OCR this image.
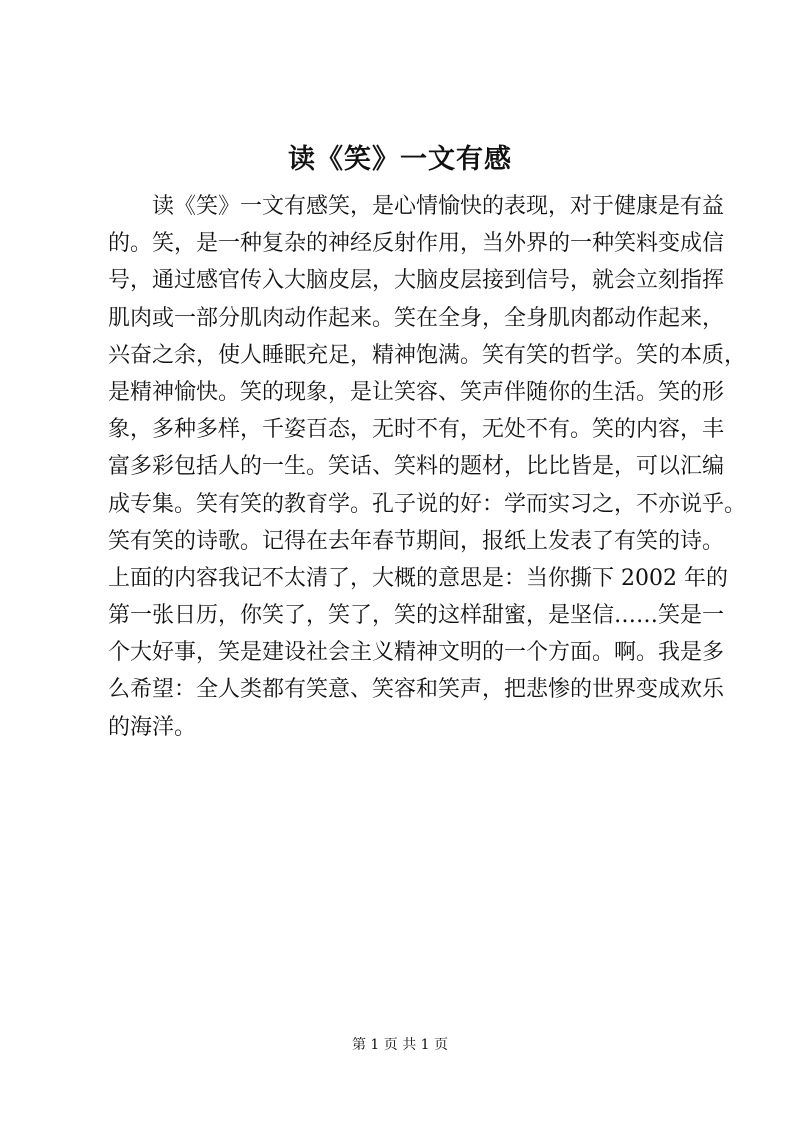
读《笑》一文有感
读《笑》一文有感笑，是心情愉快的表现，对于健康是有益
的。笑，是一种复杂的神经反射作用，当外界的一种笑料变成信
号，通过感官传入大脑皮层，大脑皮层接到信号，就会立刻指挥
肌肉或一部分肌肉动作起来。笑在全身，全身肌肉都动作起来，
兴奋之余，使人睡眠充足，精神饱满。笑有笑的哲学。笑的本质，
是精神愉快。笑的现象，是让笑容、笑声伴随你的生活。笑的形
象，多种多样，千姿百态，无时不有，无处不有。笑的内容，丰
富多彩包括人的一生。笑话、笑料的题材，比比皆是，可以汇编
成专集。笑有笑的教育学。孔子说的好：学而实习之，不亦说乎。
笑有笑的诗歌。记得在去年春节期间，报纸上发表了有笑的诗。
上面的内容我记不太清了，大概的意思是：当你撕下 2002 年的
第一张日历，你笑了，笑了，笑的这样甜蜜，是坚信……笑是一
个大好事，笑是建设社会主义精神文明的一个方面。啊。我是多
么希望：全人类都有笑意、笑容和笑声，把悲惨的世界变成欢乐
的海洋。
第 1 页 共 1 页
